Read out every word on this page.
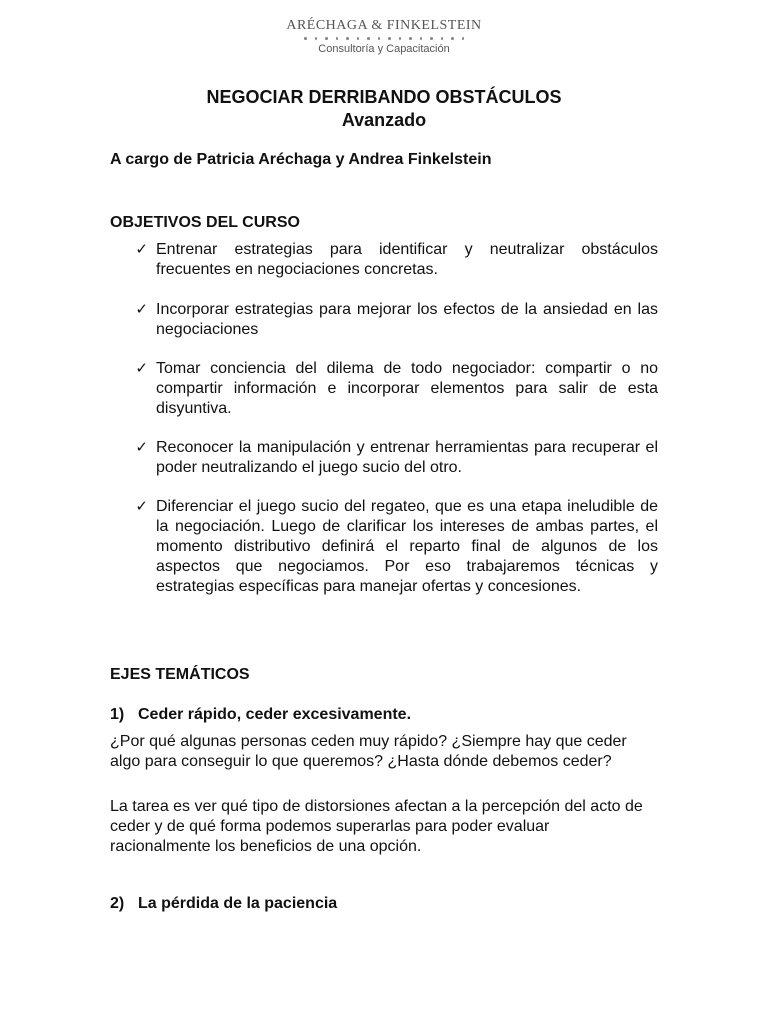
ARÉCHAGA & FINKELSTEIN
Consultoría y Capacitación
NEGOCIAR DERRIBANDO OBSTÁCULOS
Avanzado
A cargo de Patricia Aréchaga y Andrea Finkelstein
OBJETIVOS DEL CURSO
✓ Entrenar estrategias para identificar y neutralizar obstáculos frecuentes en negociaciones concretas.
✓ Incorporar estrategias para mejorar los efectos de la ansiedad en las negociaciones
✓ Tomar conciencia del dilema de todo negociador: compartir o no compartir información e incorporar elementos para salir de esta disyuntiva.
✓ Reconocer la manipulación y entrenar herramientas para recuperar el poder neutralizando el juego sucio del otro.
✓ Diferenciar el juego sucio del regateo, que es una etapa ineludible de la negociación. Luego de clarificar los intereses de ambas partes, el momento distributivo definirá el reparto final de algunos de los aspectos que negociamos. Por eso trabajaremos técnicas y estrategias específicas para manejar ofertas y concesiones.
EJES TEMÁTICOS
1) Ceder rápido, ceder excesivamente.

¿Por qué algunas personas ceden muy rápido? ¿Siempre hay que ceder algo para conseguir lo que queremos? ¿Hasta dónde debemos ceder?

La tarea es ver qué tipo de distorsiones afectan a la percepción del acto de ceder y de qué forma podemos superarlas para poder evaluar racionalmente los beneficios de una opción.

2) La pérdida de la paciencia
